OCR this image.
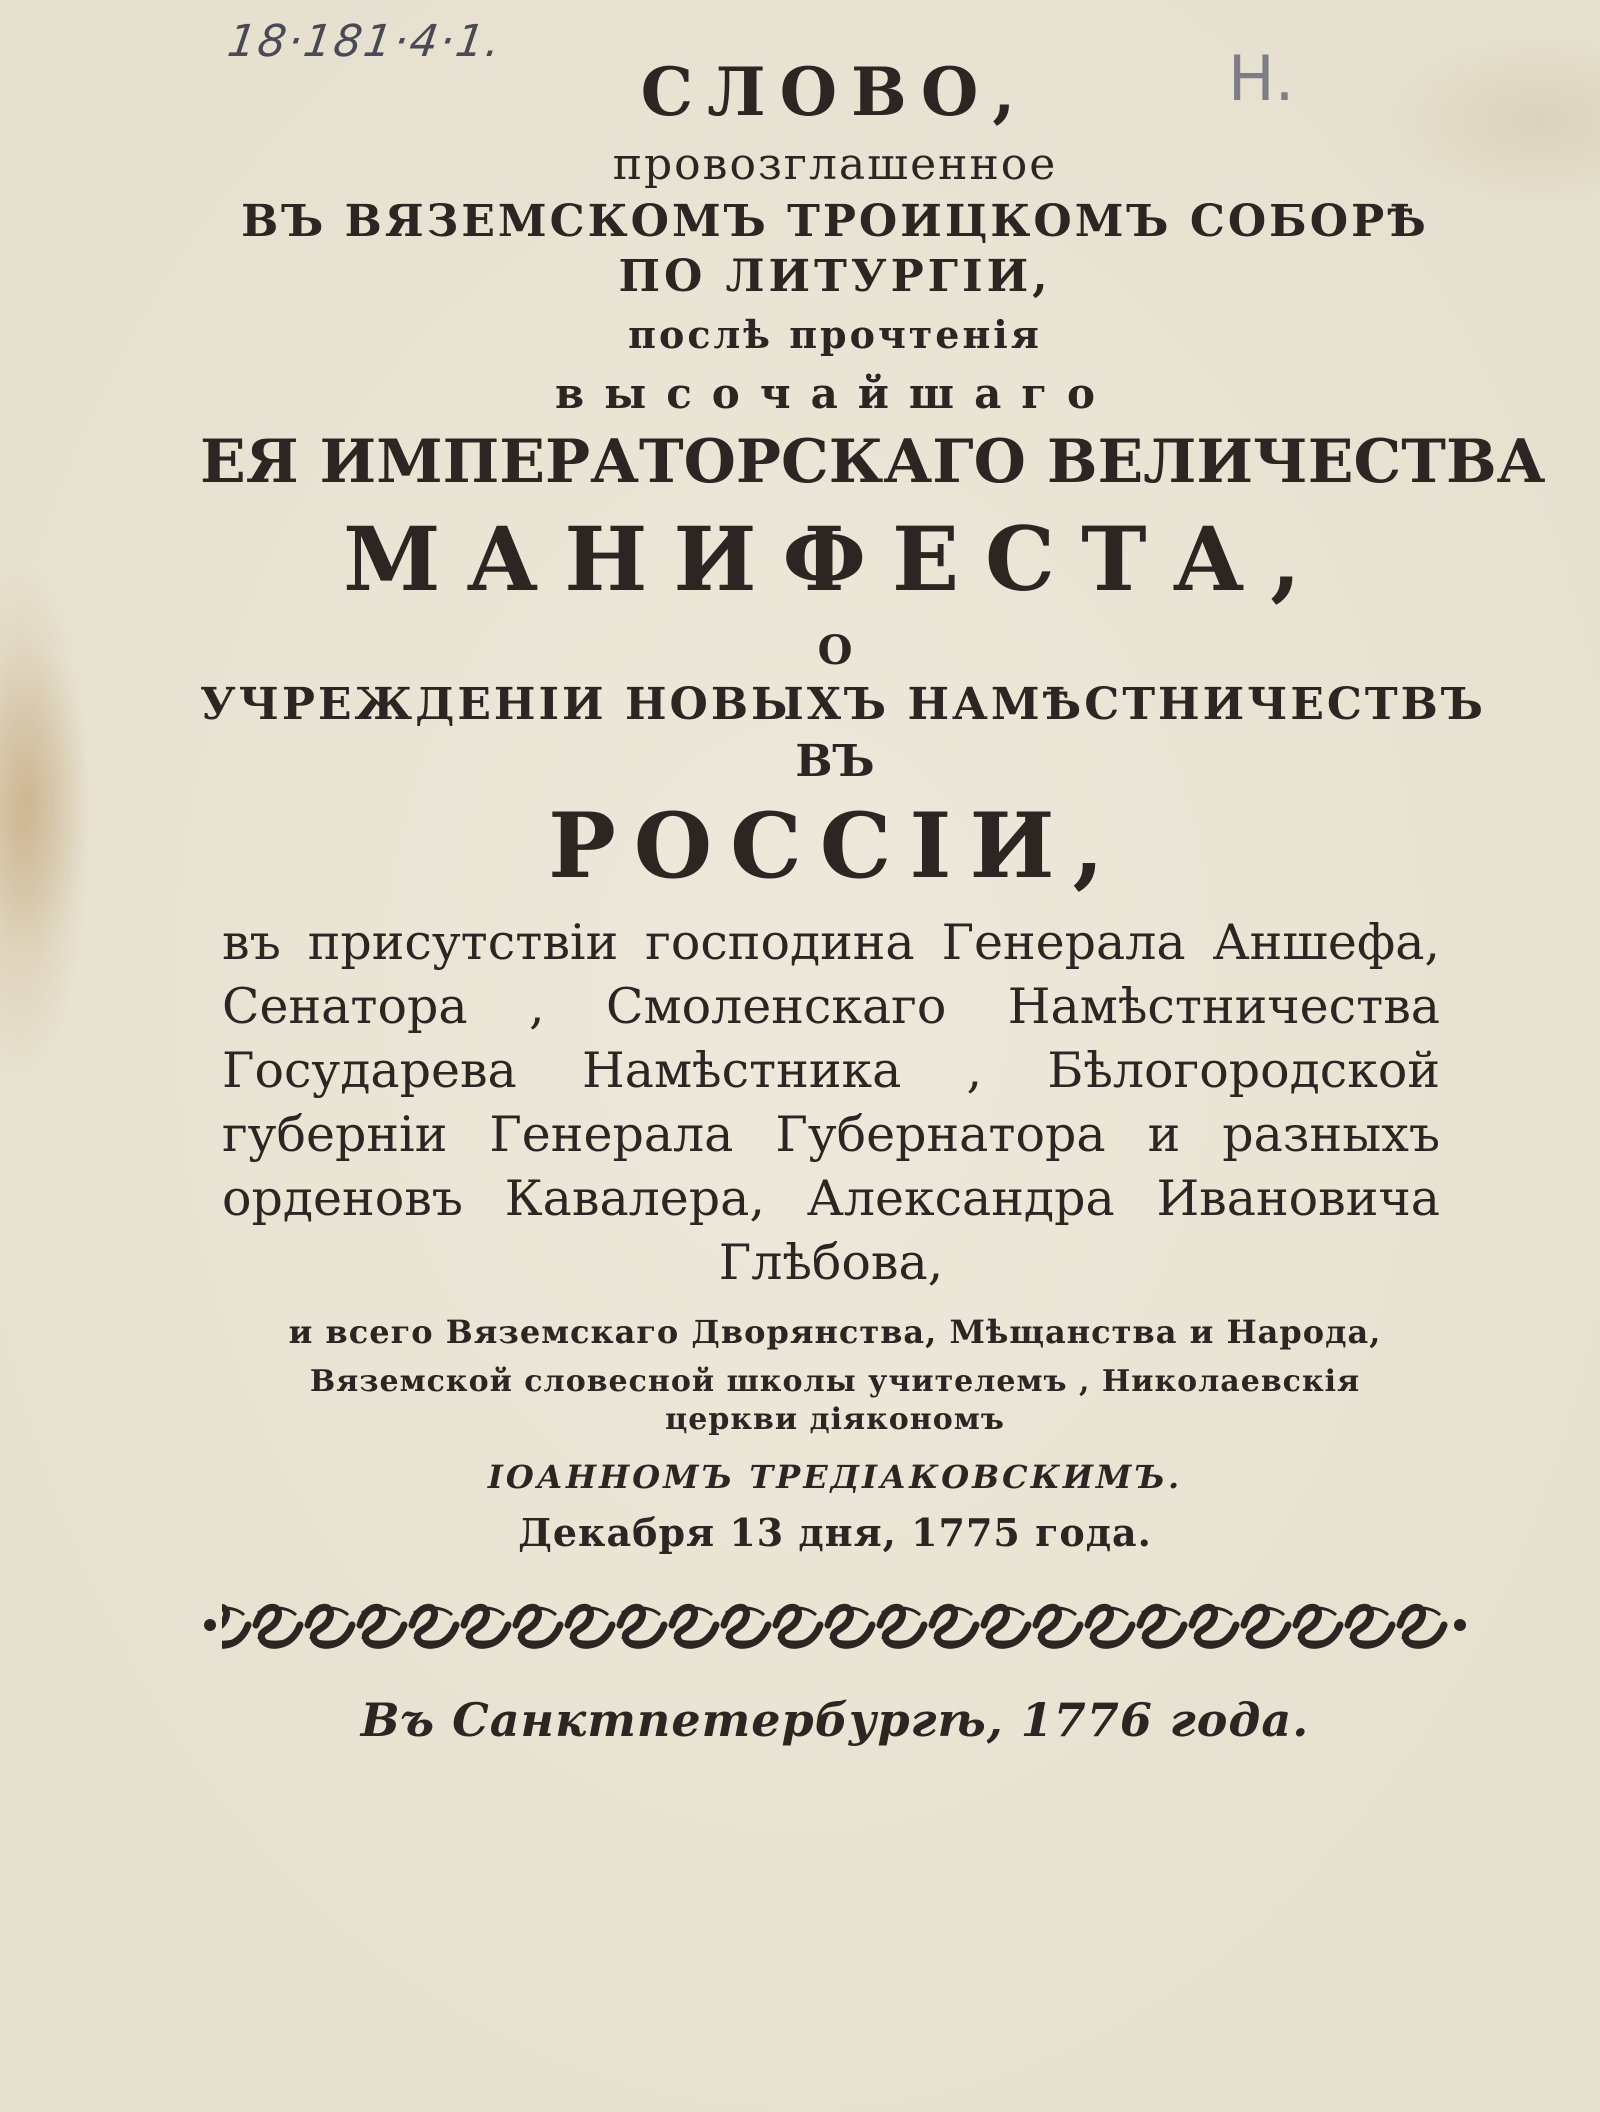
18·181·4·1.
Н.
СЛОВО,
провозглашенное
ВЪ ВЯЗЕМСКОМЪ ТРОИЦКОМЪ СОБОРѢ
ПО ЛИТУРГІИ,
послѣ прочтенія
высочайшаго
ЕЯ ИМПЕРАТОРСКАГО ВЕЛИЧЕСТВА
МАНИФЕСТА,
О
УЧРЕЖДЕНІИ НОВЫХЪ НАМѢСТНИЧЕСТВЪ
ВЪ
РОССІИ,
въ присутствіи господина Генерала Аншефа,
Сенатора , Смоленскаго Намѣстничества
Государева Намѣстника , Бѣлогородской
губерніи Генерала Губернатора и разныхъ
орденовъ Кавалера, Александра Ивановича
Глѣбова,
и всего Вяземскаго Дворянства, Мѣщанства и Народа,
Вяземской словесной школы учителемъ , Николаевскія
церкви діякономъ
ІОАННОМЪ ТРЕДІАКОВСКИМЪ.
Декабря 13 дня, 1775 года.
Въ Санктпетербургѣ, 1776 года.
